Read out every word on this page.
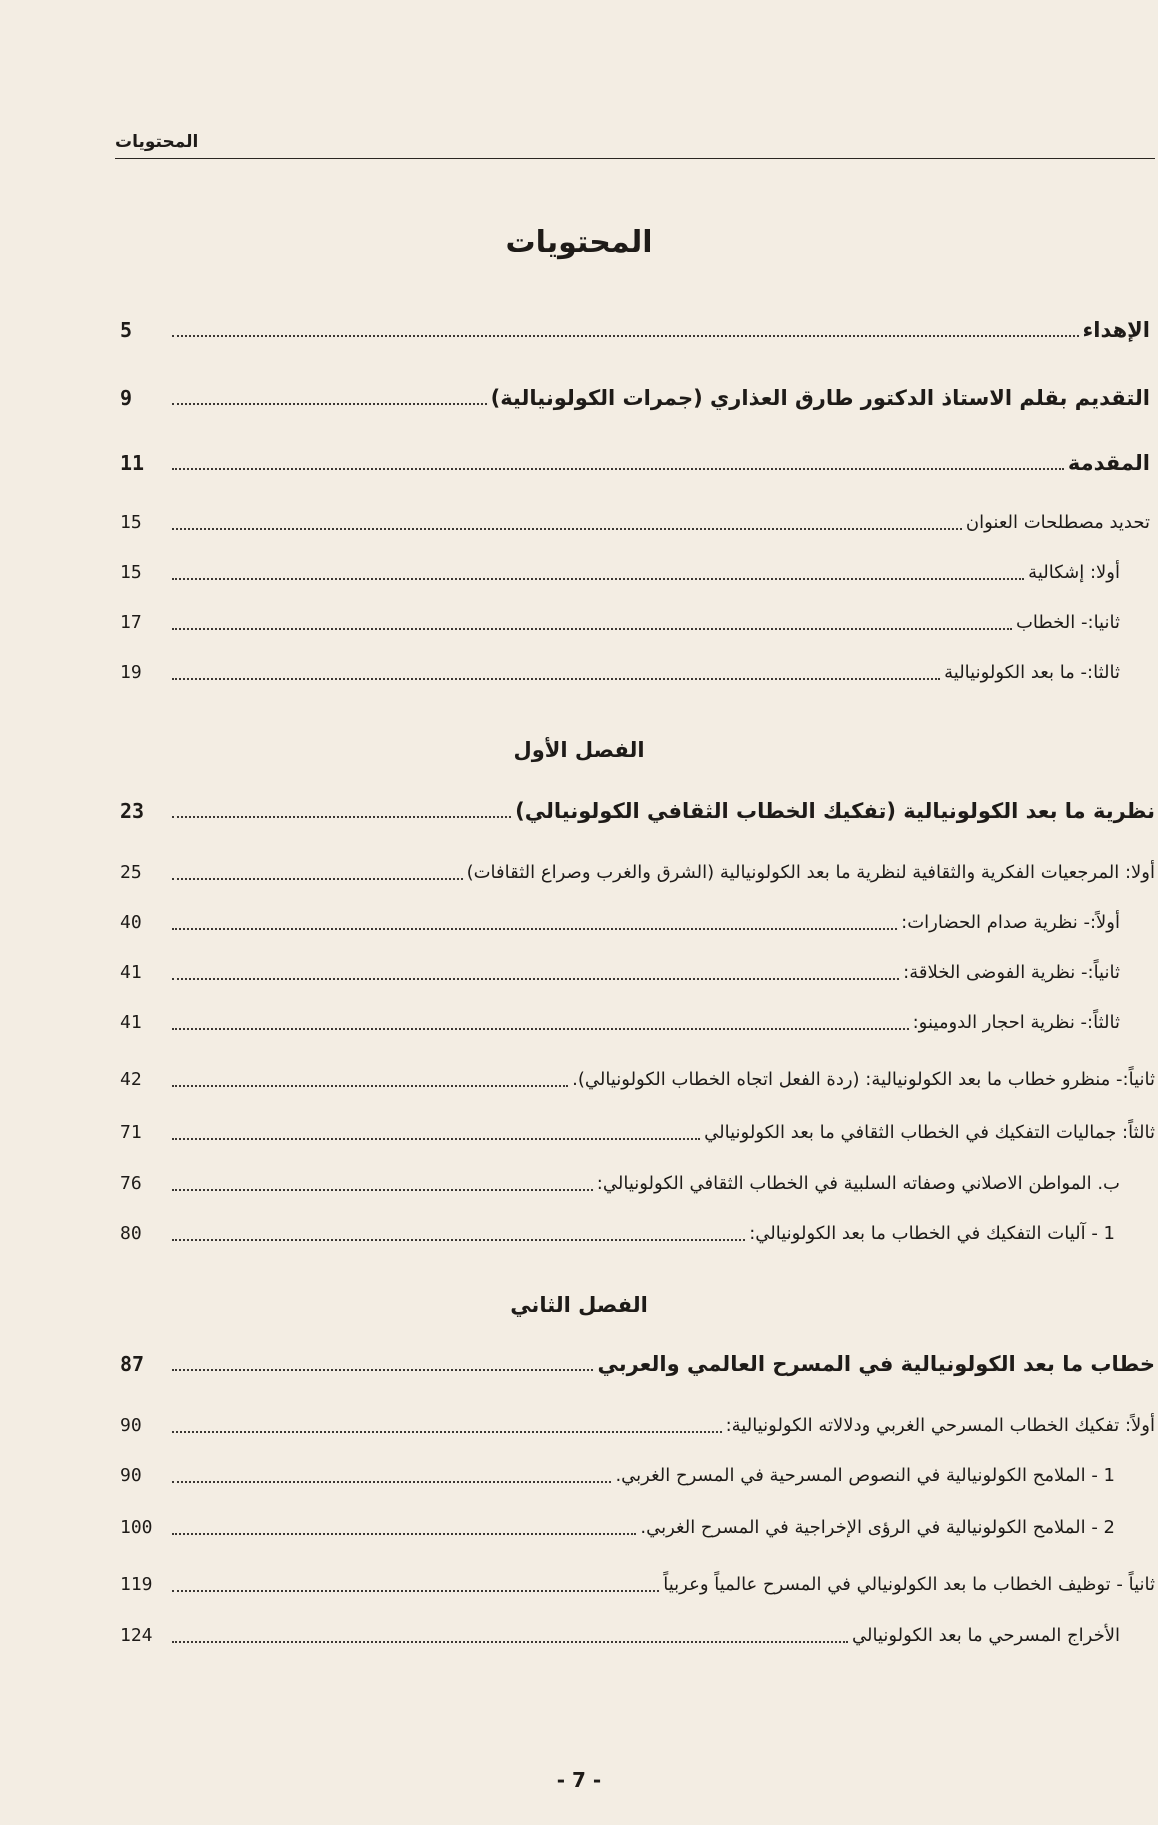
المحتويات
المحتويات
الإهداء
5
التقديم بقلم الاستاذ الدكتور طارق العذاري (جمرات الكولونيالية)
9
المقدمة
11
تحديد مصطلحات العنوان
15
أولا: إشكالية
15
ثانيا:- الخطاب
17
ثالثا:- ما بعد الكولونيالية
19
الفصل الأول
نظرية ما بعد الكولونيالية (تفكيك الخطاب الثقافي الكولونيالي)
23
أولا: المرجعيات الفكرية والثقافية لنظرية ما بعد الكولونيالية (الشرق والغرب وصراع الثقافات)
25
أولاً:- نظرية صدام الحضارات:
40
ثانياً:- نظرية الفوضى الخلاقة:
41
ثالثاً:- نظرية احجار الدومينو:
41
ثانياً:- منظرو خطاب ما بعد الكولونيالية: (ردة الفعل اتجاه الخطاب الكولونيالي).
42
ثالثاً: جماليات التفكيك في الخطاب الثقافي ما بعد الكولونيالي
71
ب. المواطن الاصلاني وصفاته السلبية في الخطاب الثقافي الكولونيالي:
76
1 - آليات التفكيك في الخطاب ما بعد الكولونيالي:
80
الفصل الثاني
خطاب ما بعد الكولونيالية في المسرح العالمي والعربي
87
أولاً: تفكيك الخطاب المسرحي الغربي ودلالاته الكولونيالية:
90
1 - الملامح الكولونيالية في النصوص المسرحية في المسرح الغربي.
90
2 - الملامح الكولونيالية في الرؤى الإخراجية في المسرح الغربي.
100
ثانياً - توظيف الخطاب ما بعد الكولونيالي في المسرح عالمياً وعربياً
119
الأخراج المسرحي ما بعد الكولونيالي
124
- 7 -
